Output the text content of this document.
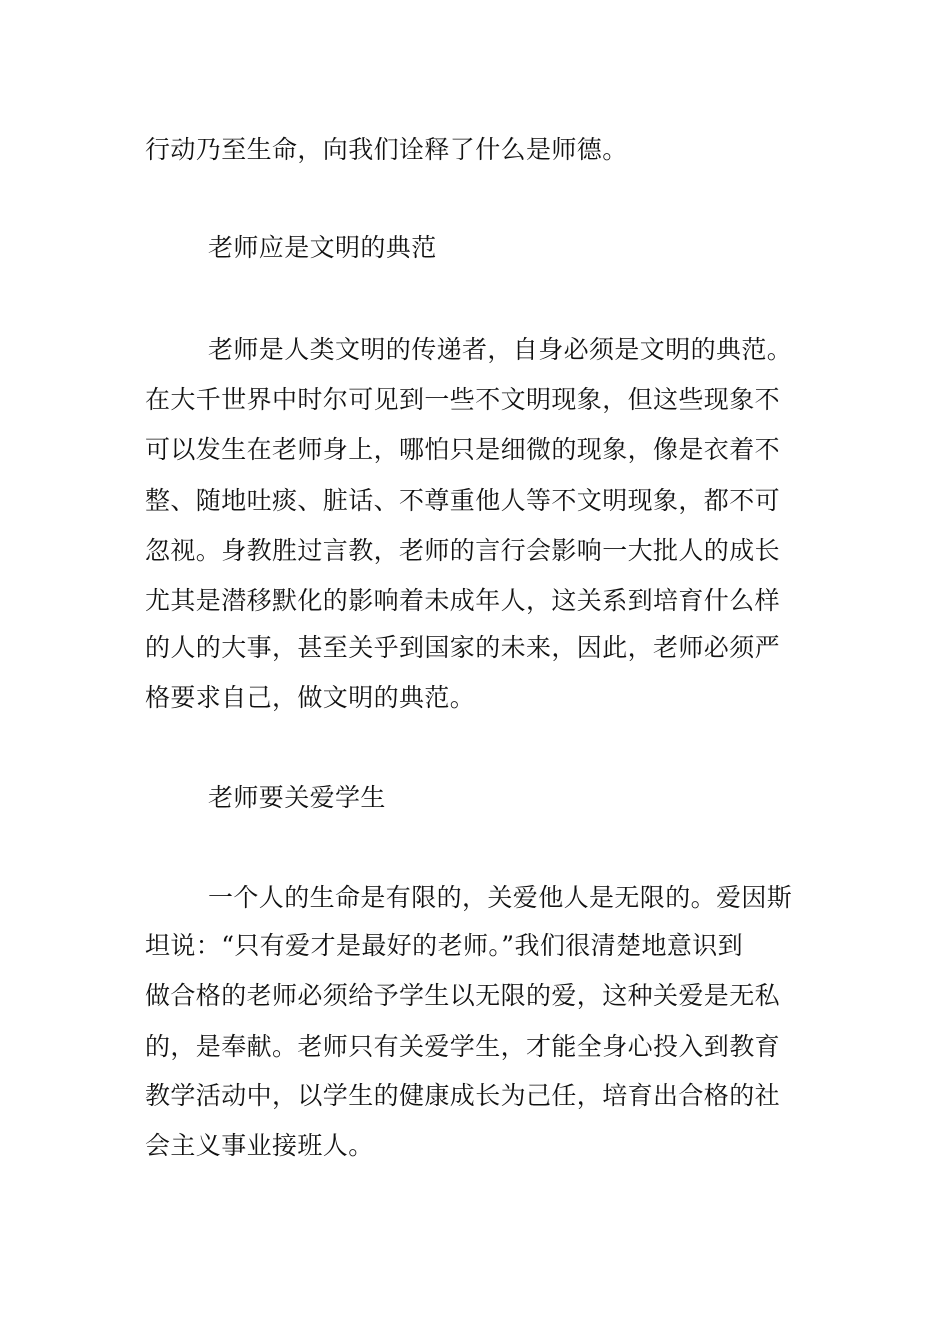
行动乃至生命，向我们诠释了什么是师德。
老师应是文明的典范
老师是人类文明的传递者，自身必须是文明的典范。
在大千世界中时尔可见到一些不文明现象，但这些现象不
可以发生在老师身上，哪怕只是细微的现象，像是衣着不
整、随地吐痰、脏话、不尊重他人等不文明现象，都不可
忽视。身教胜过言教，老师的言行会影响一大批人的成长
尤其是潜移默化的影响着未成年人，这关系到培育什么样
的人的大事，甚至关乎到国家的未来，因此，老师必须严
格要求自己，做文明的典范。
老师要关爱学生
一个人的生命是有限的，关爱他人是无限的。爱因斯
坦说：“只有爱才是最好的老师。”我们很清楚地意识到
做合格的老师必须给予学生以无限的爱，这种关爱是无私
的，是奉献。老师只有关爱学生，才能全身心投入到教育
教学活动中，以学生的健康成长为己任，培育出合格的社
会主义事业接班人。
